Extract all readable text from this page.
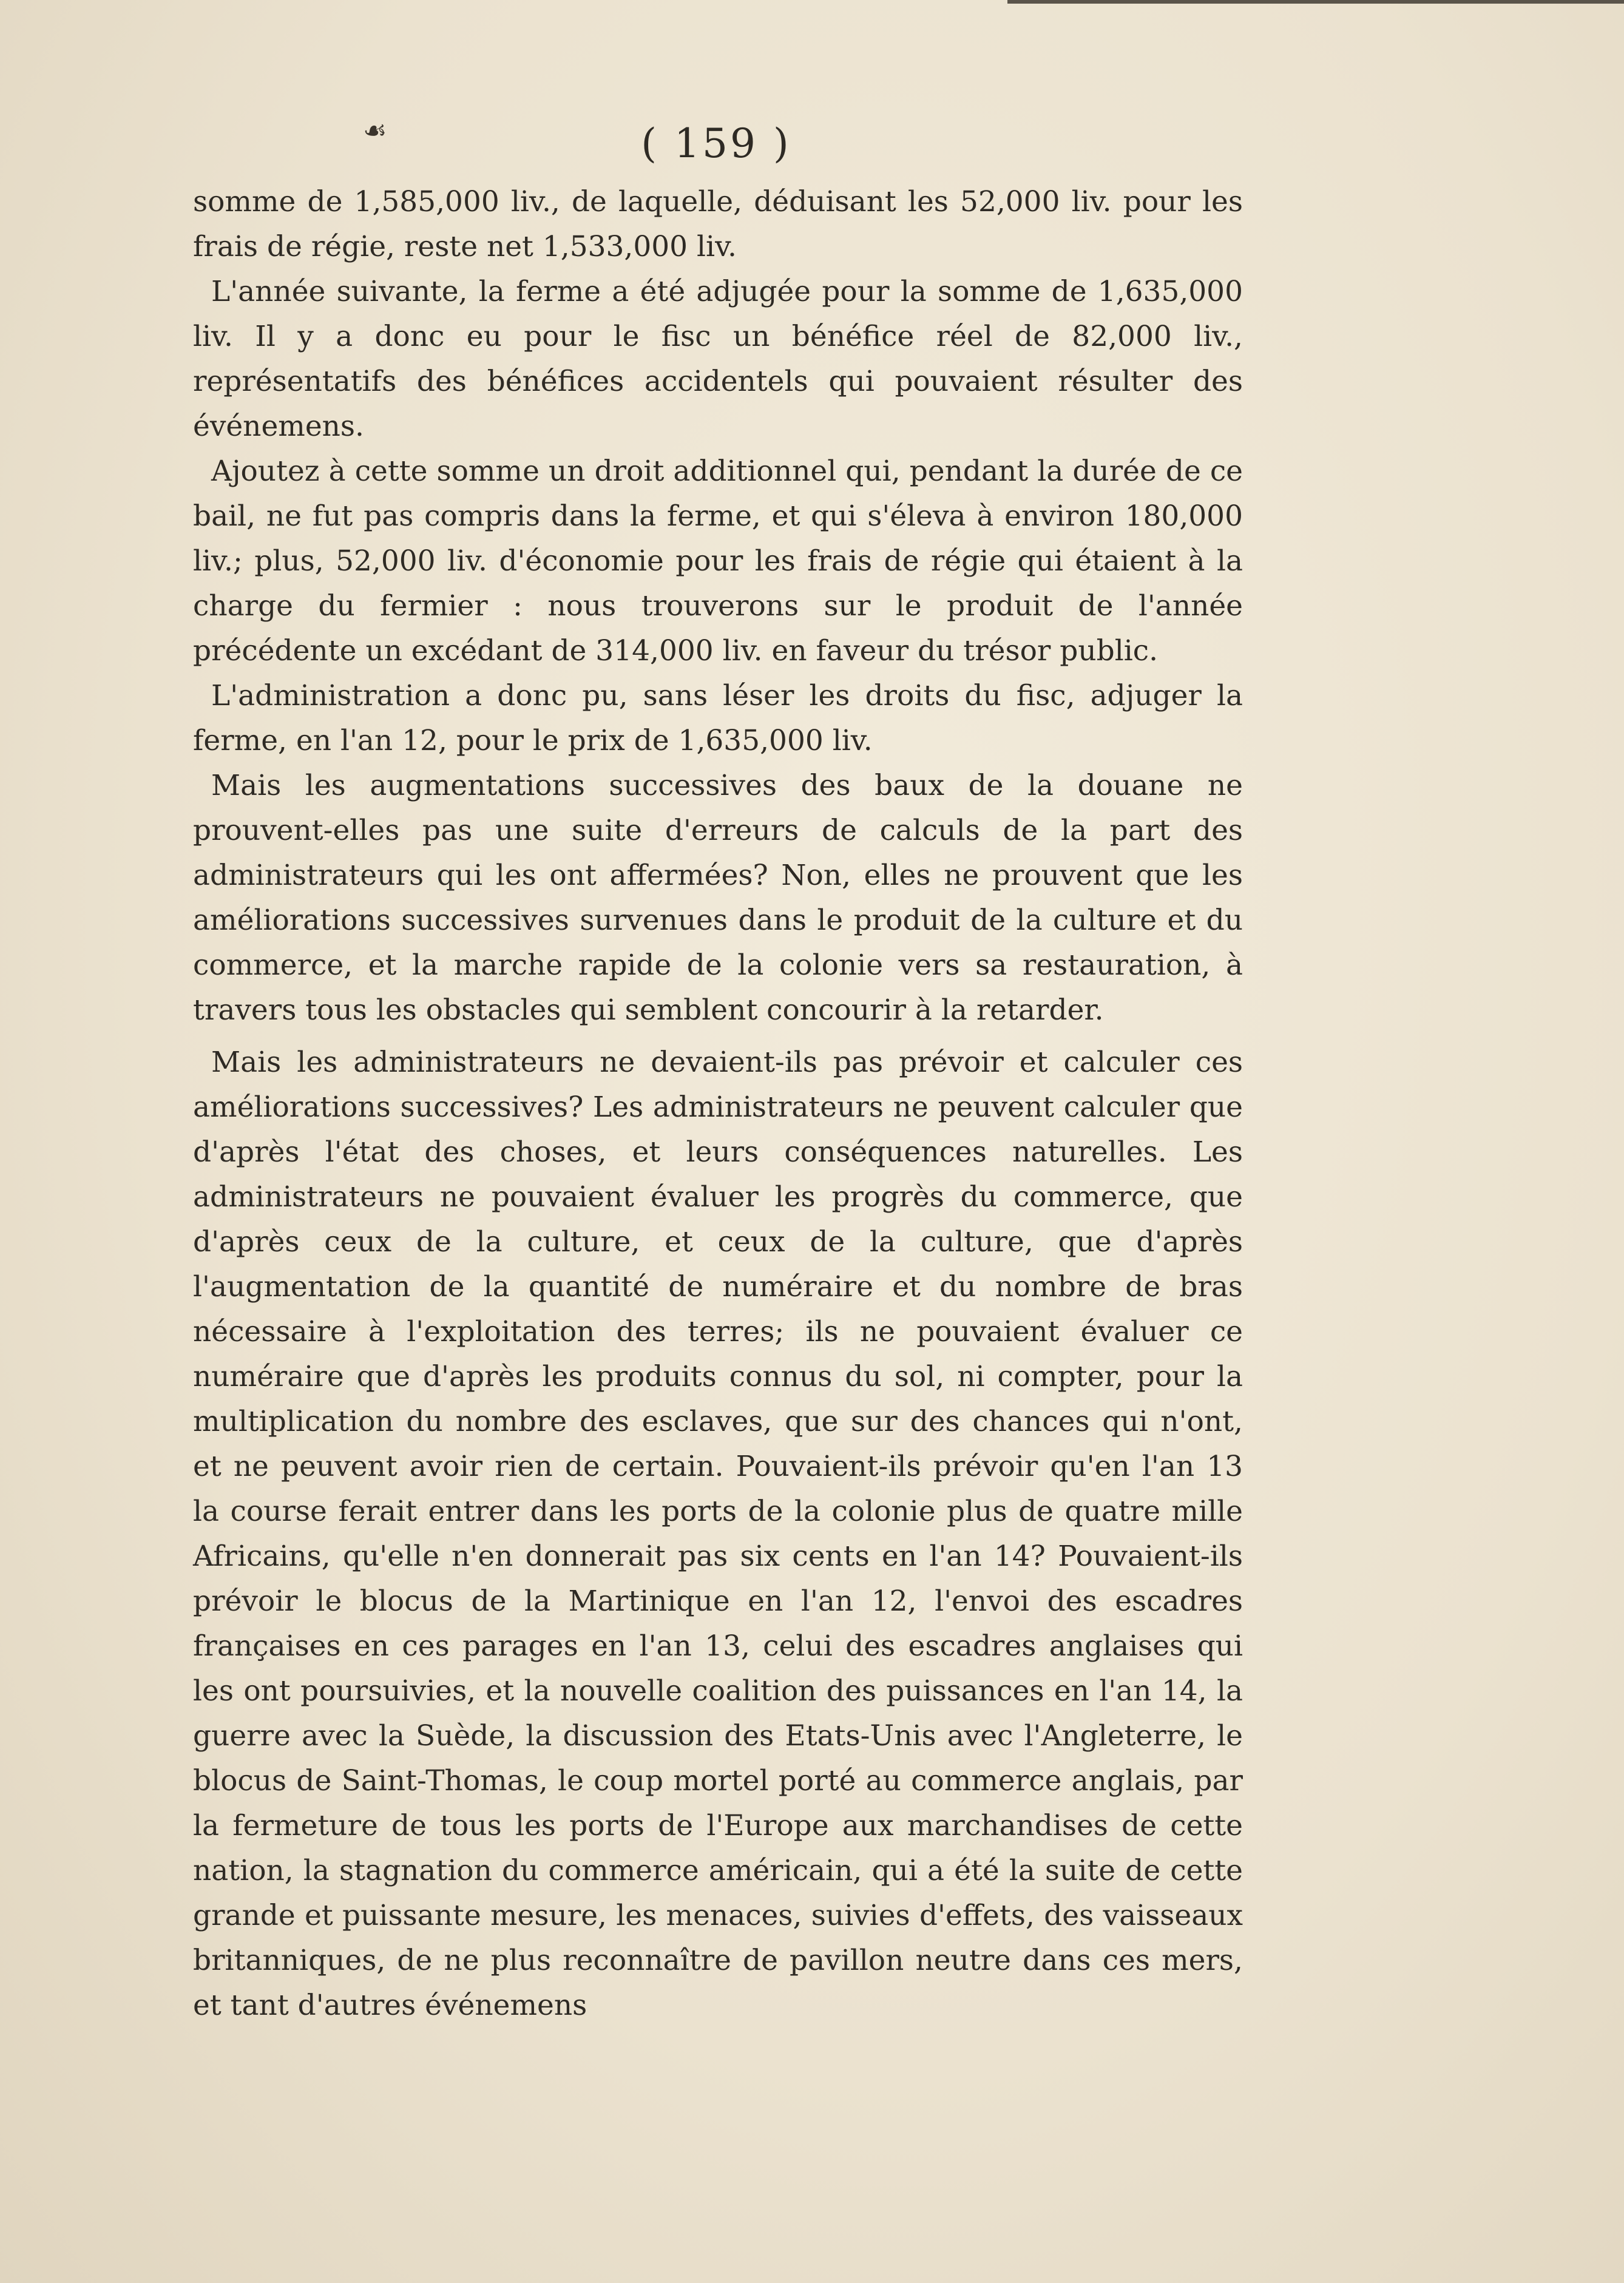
☙	( 159 )

somme de 1,585,000 liv., de laquelle, déduisant les 52,000 liv. pour les frais de régie, reste net 1,533,000 liv.

L'année suivante, la ferme a été adjugée pour la somme de 1,635,000 liv. Il y a donc eu pour le fisc un bénéfice réel de 82,000 liv., représentatifs des bénéfices accidentels qui pouvaient résulter des événemens.

Ajoutez à cette somme un droit additionnel qui, pendant la durée de ce bail, ne fut pas compris dans la ferme, et qui s'éleva à environ 180,000 liv.; plus, 52,000 liv. d'économie pour les frais de régie qui étaient à la charge du fermier : nous trouverons sur le produit de l'année précédente un excédant de 314,000 liv. en faveur du trésor public.

L'administration a donc pu, sans léser les droits du fisc, adjuger la ferme, en l'an 12, pour le prix de 1,635,000 liv.

Mais les augmentations successives des baux de la douane ne prouvent-elles pas une suite d'erreurs de calculs de la part des administrateurs qui les ont affermées? Non, elles ne prouvent que les améliorations successives survenues dans le produit de la culture et du commerce, et la marche rapide de la colonie vers sa restauration, à travers tous les obstacles qui semblent concourir à la retarder.

Mais les administrateurs ne devaient-ils pas prévoir et calculer ces améliorations successives? Les administrateurs ne peuvent calculer que d'après l'état des choses, et leurs conséquences naturelles. Les administrateurs ne pouvaient évaluer les progrès du commerce, que d'après ceux de la culture, et ceux de la culture, que d'après l'augmentation de la quantité de numéraire et du nombre de bras nécessaire à l'exploitation des terres; ils ne pouvaient évaluer ce numéraire que d'après les produits connus du sol, ni compter, pour la multiplication du nombre des esclaves, que sur des chances qui n'ont, et ne peuvent avoir rien de certain. Pouvaient-ils prévoir qu'en l'an 13 la course ferait entrer dans les ports de la colonie plus de quatre mille Africains, qu'elle n'en donnerait pas six cents en l'an 14? Pouvaient-ils prévoir le blocus de la Martinique en l'an 12, l'envoi des escadres françaises en ces parages en l'an 13, celui des escadres anglaises qui les ont poursuivies, et la nouvelle coalition des puissances en l'an 14, la guerre avec la Suède, la discussion des Etats-Unis avec l'Angleterre, le blocus de Saint-Thomas, le coup mortel porté au commerce anglais, par la fermeture de tous les ports de l'Europe aux marchandises de cette nation, la stagnation du commerce américain, qui a été la suite de cette grande et puissante mesure, les menaces, suivies d'effets, des vaisseaux britanniques, de ne plus reconnaître de pavillon neutre dans ces mers, et tant d'autres événemens
